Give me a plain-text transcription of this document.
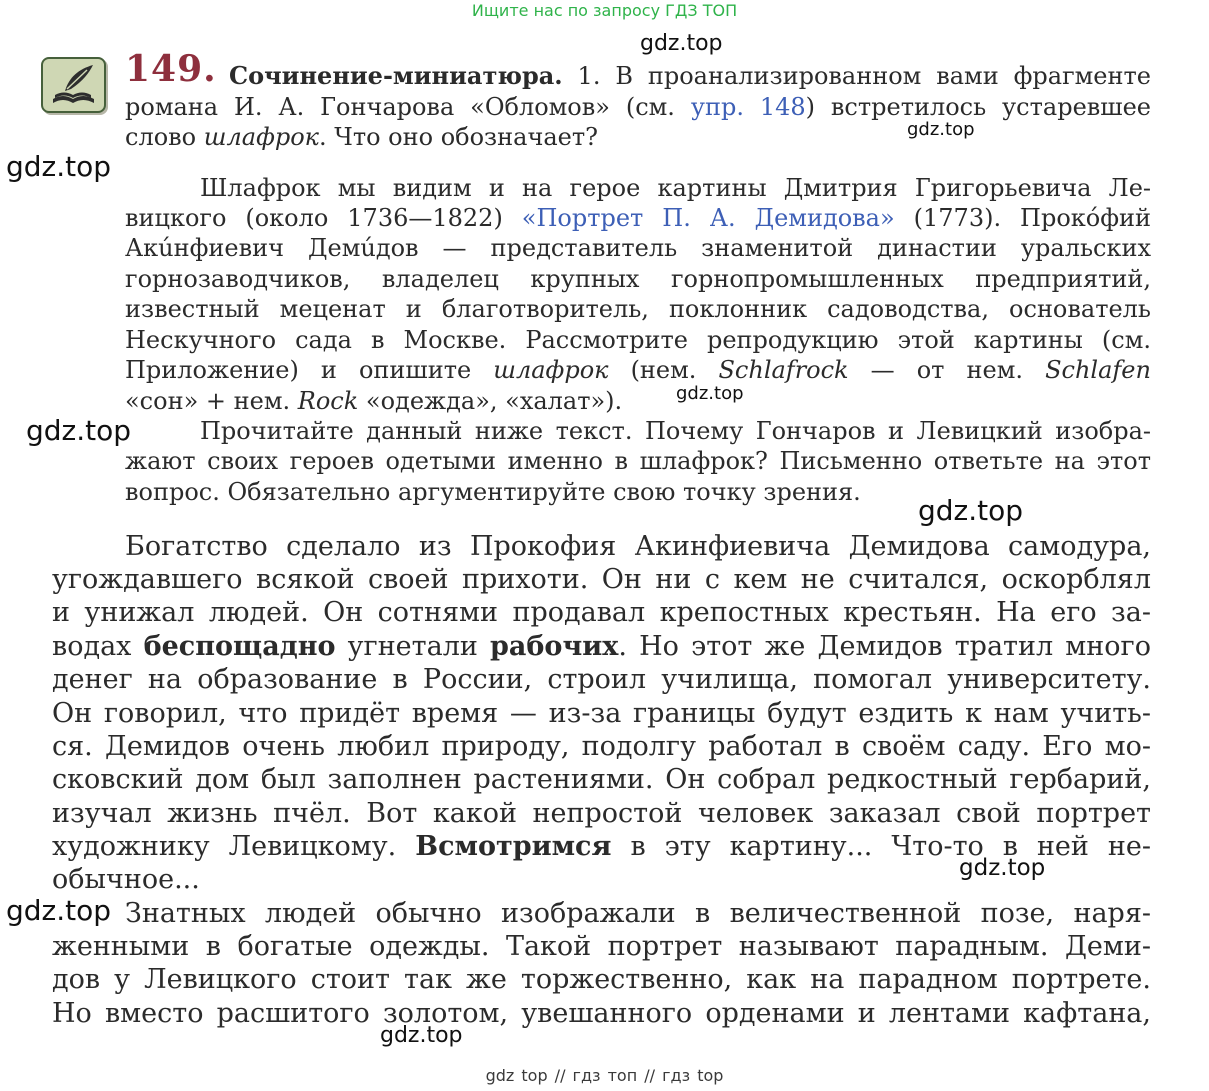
Ищите нас по запросу ГДЗ ТОП
gdz top // гдз топ // гдз top
149. Сочинение-миниатюра. 1. В проанализированном вами фрагменте
романа И. А. Гончарова «Обломов» (см. упр. 148) встретилось устаревшее
слово шлафрок. Что оно обозначает?
Шлафрок мы видим и на герое картины Дмитрия Григорьевича Ле-
вицкого (около 1736—1822) «Портрет П. А. Демидова» (1773). Прокóфий
Акúнфиевич Демúдов — представитель знаменитой династии уральских
горнозаводчиков, владелец крупных горнопромышленных предприятий,
известный меценат и благотворитель, поклонник садоводства, основатель
Нескучного сада в Москве. Рассмотрите репродукцию этой картины (см.
Приложение) и опишите шлафрок (нем. Schlafrock — от нем. Schlafen
«сон» + нем. Rock «одежда», «халат»).
Прочитайте данный ниже текст. Почему Гончаров и Левицкий изобра-
жают своих героев одетыми именно в шлафрок? Письменно ответьте на этот
вопрос. Обязательно аргументируйте свою точку зрения.
Богатство сделало из Прокофия Акинфиевича Демидова самодура,
угождавшего всякой своей прихоти. Он ни с кем не считался, оскорблял
и унижал людей. Он сотнями продавал крепостных крестьян. На его за-
водах беспощадно угнетали рабочих. Но этот же Демидов тратил много
денег на образование в России, строил училища, помогал университету.
Он говорил, что придёт время — из-за границы будут ездить к нам учить-
ся. Демидов очень любил природу, подолгу работал в своём саду. Его мо-
сковский дом был заполнен растениями. Он собрал редкостный гербарий,
изучал жизнь пчёл. Вот какой непростой человек заказал свой портрет
художнику Левицкому. Всмотримся в эту картину... Что-то в ней не-
обычное...
Знатных людей обычно изображали в величественной позе, наря-
женными в богатые одежды. Такой портрет называют парадным. Деми-
дов у Левицкого стоит так же торжественно, как на парадном портрете.
Но вместо расшитого золотом, увешанного орденами и лентами кафтана,
gdz.top
gdz.top
gdz.top
gdz.top
gdz.top
gdz.top
gdz.top
gdz.top
gdz.top
